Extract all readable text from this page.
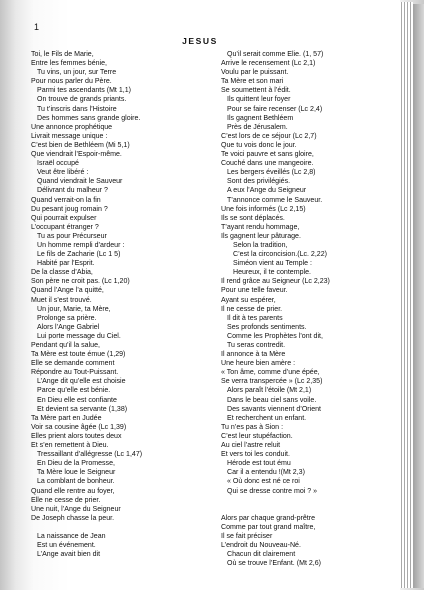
1
JESUS
Toi, le Fils de Marie,
Entre les femmes bénie,
Tu vins, un jour, sur Terre
Pour nous parler du Père.
Parmi tes ascendants (Mt 1,1)
On trouve de grands priants.
Tu t’inscris dans l’Histoire
Des hommes sans grande gloire.
Une annonce prophétique
Livrait message unique :
C’est bien de Bethléem (Mi 5,1)
Que viendrait l’Espoir-même.
Israël occupé
Veut être libéré :
Quand viendrait le Sauveur
Délivrant du malheur ?
Quand verrait-on la fin
Du pesant joug romain ?
Qui pourrait expulser
L’occupant étranger ?
Tu as pour Précurseur
Un homme rempli d’ardeur :
Le fils de Zacharie (Lc 1 5)
Habité par l’Esprit.
De la classe d’Abia,
Son père ne croit pas. (Lc 1,20)
Quand l’Ange l’a quitté,
Muet il s’est trouvé.
Un jour, Marie, ta Mère,
Prolonge sa prière.
Alors l’Ange Gabriel
Lui porte message du Ciel.
Pendant qu’il la salue,
Ta Mère est toute émue (1,29)
Elle se demande comment
Répondre au Tout-Puissant.
L’Ange dit qu’elle est choisie
Parce qu’elle est bénie.
En Dieu elle est confiante
Et devient sa servante (1,38)
Ta Mère part en Judée
Voir sa cousine âgée (Lc 1,39)
Elles prient alors toutes deux
Et s’en remettent à Dieu.
Tressaillant d’allégresse (Lc 1,47)
En Dieu de la Promesse,
Ta Mère loue le Seigneur
La comblant de bonheur.
Quand elle rentre au foyer,
Elle ne cesse de prier.
Une nuit, l’Ange du Seigneur
De Joseph chasse la peur.
La naissance de Jean
Est un événement.
L’Ange avait bien dit
Qu’il serait comme Elie. (1, 57)
Arrive le recensement (Lc 2,1)
Voulu par le puissant.
Ta Mère et son mari
Se soumettent à l’édit.
Ils quittent leur foyer
Pour se faire recenser (Lc 2,4)
Ils gagnent Bethléem
Près de Jérusalem.
C’est lors de ce séjour (Lc 2,7)
Que tu vois donc le jour.
Te voici pauvre et sans gloire,
Couché dans une mangeoire.
Les bergers éveillés (Lc 2,8)
Sont des privilégiés.
A eux l’Ange du Seigneur
T’annonce comme le Sauveur.
Une fois informés (Lc 2,15)
Ils se sont déplacés.
T’ayant rendu hommage,
Ils gagnent leur pâturage.
Selon la tradition,
C’est la circoncision.(Lc. 2,22)
Siméon vient au Temple :
Heureux, il te contemple.
Il rend grâce au Seigneur (Lc 2,23)
Pour une telle faveur.
Ayant su espérer,
Il ne cesse de prier.
Il dit à tes parents
Ses profonds sentiments.
Comme les Prophètes l’ont dit,
Tu seras contredit.
Il annonce à ta Mère
Une heure bien amère :
« Ton âme, comme d’une épée,
Se verra transpercée » (Lc 2,35)
Alors paraît l’étoile (Mt 2,1)
Dans le beau ciel sans voile.
Des savants viennent d’Orient
Et recherchent un enfant.
Tu n’es pas à Sion :
C’est leur stupéfaction.
Au ciel l’astre reluit
Et vers toi les conduit.
Hérode est tout ému
Car il a entendu !(Mt 2,3)
« Où donc est né ce roi
Qui se dresse contre moi ? »
Alors par chaque grand-prêtre
Comme par tout grand maître,
Il se fait préciser
L’endroit du Nouveau-Né.
Chacun dit clairement
Où se trouve l’Enfant. (Mt 2,6)
